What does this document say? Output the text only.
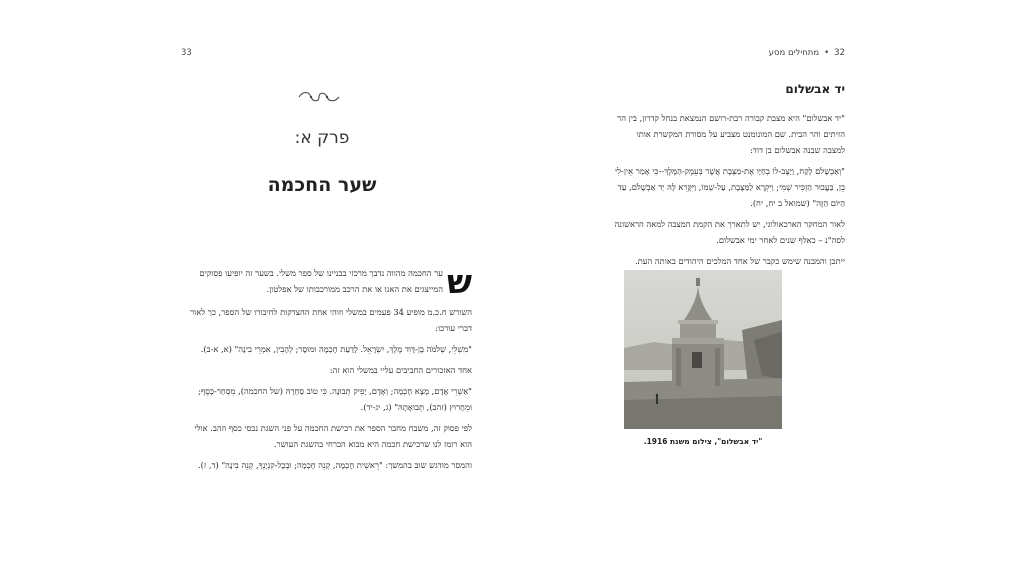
32•מתחילים מסע
יד אבשלום

"יד אבשלום" היא מצבת קבורה רבת-רושם הנמצאת בנחל קדרון, בין הר הזיתים והר הבית. שם המונומנט מצביע על מסורת המקשרת אותו למצבה שבנה אבשלום בן דוד:

"וְאַבְשָׁלֹם לָקַח, וַיַּצֶּב-לוֹ בְחַיָּו אֶת-מַצֶּבֶת אֲשֶׁר בְּעֵמֶק-הַמֶּלֶךְ--כִּי אָמַר אֵין-לִי בֵן, בַּעֲבוּר הַזְכִּיר שְׁמִי; וַיִּקְרָא לַמַּצֶּבֶת, עַל-שְׁמוֹ, וַיִּקָּרֵא לָהּ יַד אַבְשָׁלֹם, עַד הַיּוֹם הַזֶּה" (שמואל ב יח, יח).

לאור המחקר הארכאולוגי, יש לתארך את הקמת המצבה למאה הראשונה לסה"נ – כאלף שנים לאחר ימי אבשלום.

ייתכן והמבנה שימש כקבר של אחד המלכים היהודים באותה העת.

"יד אבשלום", צילום משנת 1916.
33
פרק א:
שער החכמה
ש

ער החכמה מהווה נדבך מרכזי בבניינו של ספר משלי. בשער זה יופיעו פסוקים המייצגים את האגו או את הרכב ממורכבותו של אפלטון.

השורש ח.כ.מ מופיע 34 פעמים במשלי וזוהי אחת ההצדקות לחיבורו של הספר, כך לאור דברי עורכו:

"מִשְׁלֵי, שְׁלֹמֹה בֶן-דָּוִד מֶלֶךְ, יִשְׂרָאֵל. לָדַעַת חָכְמָה וּמוּסָר; לְהָבִין, אִמְרֵי בִינָה" (א, א-ב).

אחד האזכורים החביבים עליי במשלי הוא זה:

"אַשְׁרֵי אָדָם, מָצָא חָכְמָה; וְאָדָם, יָפִיק תְּבוּנָה. כִּי טוֹב סַחְרָהּ (של החכמה), מִסְּחַר-כָּסֶף; וּמֵחָרוּץ (זהב), תְּבוּאָתָהּ" (ג, יג-יד).

לפי פסוק זה, משבח מחבר הספר את רכישת החכמה על פני השגת נכסי כסף וזהב. אולי הוא רומז לנו שרכישת חכמה היא מבוא הכרחי בהשגת העושר.

והמסר מודגש שוב בהמשך: "רֵאשִׁית חָכְמָה, קְנֵה חָכְמָה; וּבְכָל-קִנְיָנְךָ, קְנֵה בִינָה" (ד, ז).
